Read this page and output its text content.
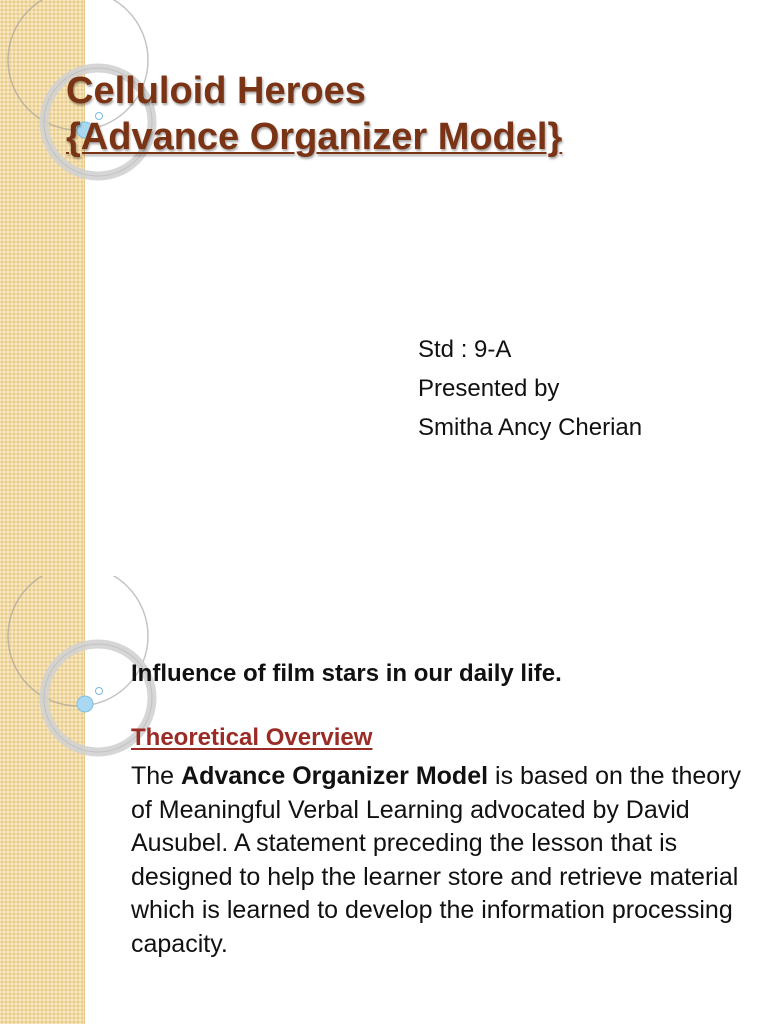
Celluloid Heroes
{Advance Organizer Model}
Std : 9-A
Presented by
Smitha Ancy Cherian

Influence of film stars in our daily life.

Theoretical Overview

The Advance Organizer Model is based on the theory of Meaningful Verbal Learning advocated by David Ausubel. A statement preceding the lesson that is designed to help the learner store and retrieve material which is learned to develop the information processing capacity.
